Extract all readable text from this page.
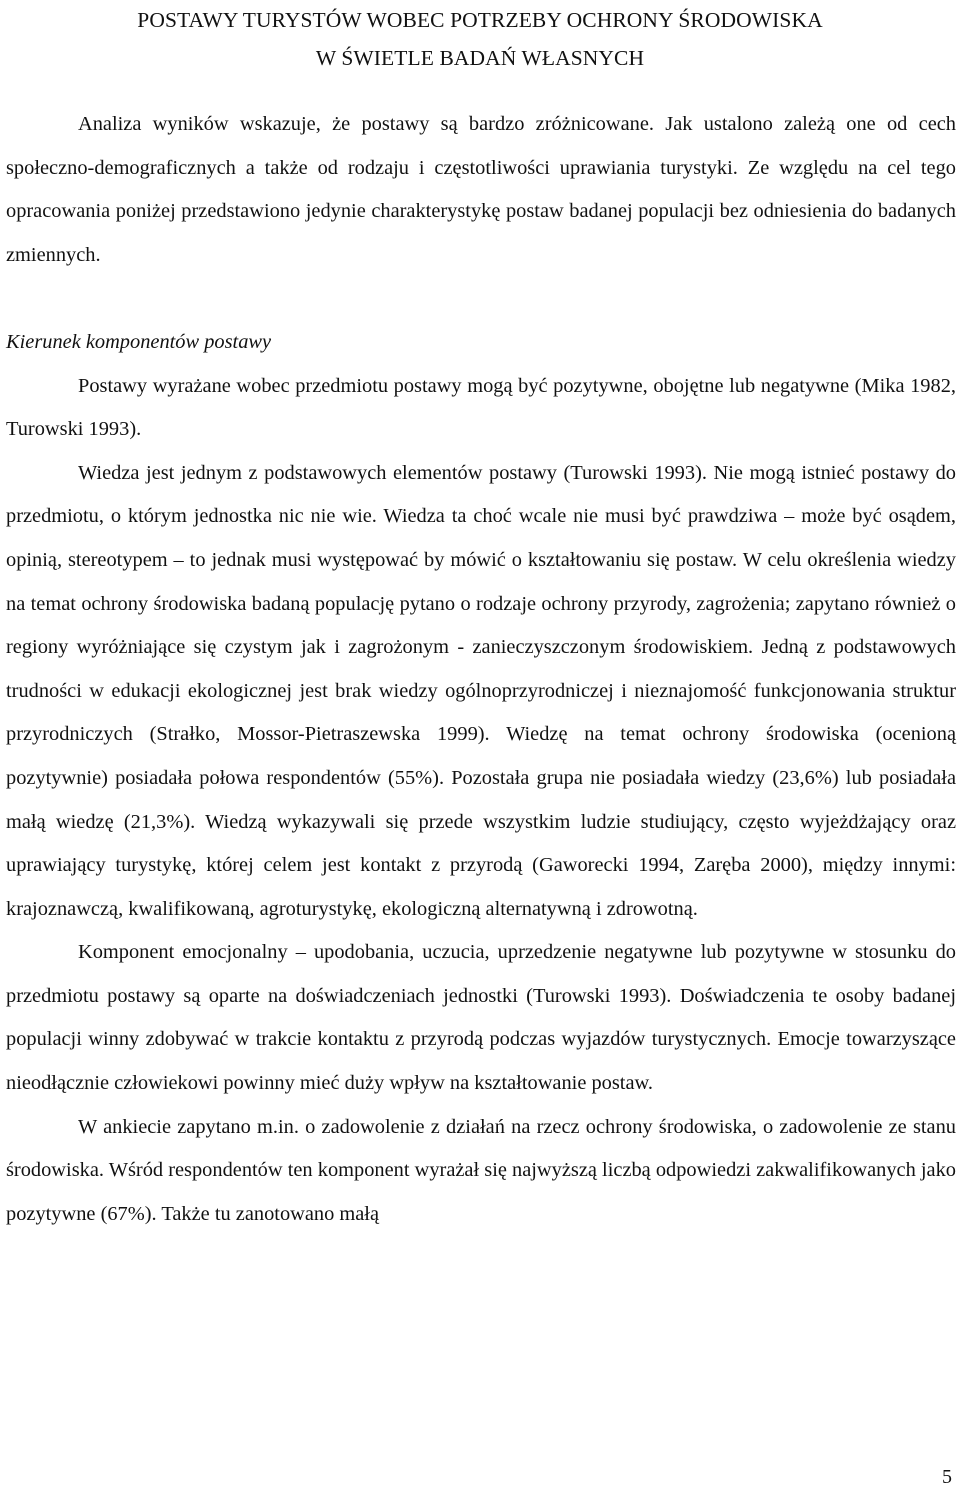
POSTAWY TURYSTÓW WOBEC POTRZEBY OCHRONY ŚRODOWISKA
W ŚWIETLE BADAŃ WŁASNYCH

Analiza wyników wskazuje, że postawy są bardzo zróżnicowane. Jak ustalono zależą one od cech społeczno-demograficznych a także od rodzaju i częstotliwości uprawiania turystyki. Ze względu na cel tego opracowania poniżej przedstawiono jedynie charakterystykę postaw badanej populacji bez odniesienia do badanych zmiennych.

Kierunek komponentów postawy

Postawy wyrażane wobec przedmiotu postawy mogą być pozytywne, obojętne lub negatywne (Mika 1982, Turowski 1993).

Wiedza jest jednym z podstawowych elementów postawy (Turowski 1993). Nie mogą istnieć postawy do przedmiotu, o którym jednostka nic nie wie. Wiedza ta choć wcale nie musi być prawdziwa – może być osądem, opinią, stereotypem – to jednak musi występować by mówić o kształtowaniu się postaw. W celu określenia wiedzy na temat ochrony środowiska badaną populację pytano o rodzaje ochrony przyrody, zagrożenia; zapytano również o regiony wyróżniające się czystym jak i zagrożonym - zanieczyszczonym środowiskiem. Jedną z podstawowych trudności w edukacji ekologicznej jest brak wiedzy ogólnoprzyrodniczej i nieznajomość funkcjonowania struktur przyrodniczych (Strałko, Mossor-Pietraszewska 1999). Wiedzę na temat ochrony środowiska (ocenioną pozytywnie) posiadała połowa respondentów (55%). Pozostała grupa nie posiadała wiedzy (23,6%) lub posiadała małą wiedzę (21,3%). Wiedzą wykazywali się przede wszystkim ludzie studiujący, często wyjeżdżający oraz uprawiający turystykę, której celem jest kontakt z przyrodą (Gaworecki 1994, Zaręba 2000), między innymi: krajoznawczą, kwalifikowaną, agroturystykę, ekologiczną alternatywną i zdrowotną.

Komponent emocjonalny – upodobania, uczucia, uprzedzenie negatywne lub pozytywne w stosunku do przedmiotu postawy są oparte na doświadczeniach jednostki (Turowski 1993). Doświadczenia te osoby badanej populacji winny zdobywać w trakcie kontaktu z przyrodą podczas wyjazdów turystycznych. Emocje towarzyszące nieodłącznie człowiekowi powinny mieć duży wpływ na kształtowanie postaw.

W ankiecie zapytano m.in. o zadowolenie z działań na rzecz ochrony środowiska, o zadowolenie ze stanu środowiska. Wśród respondentów ten komponent wyrażał się najwyższą liczbą odpowiedzi zakwalifikowanych jako pozytywne (67%). Także tu zanotowano małą

5
